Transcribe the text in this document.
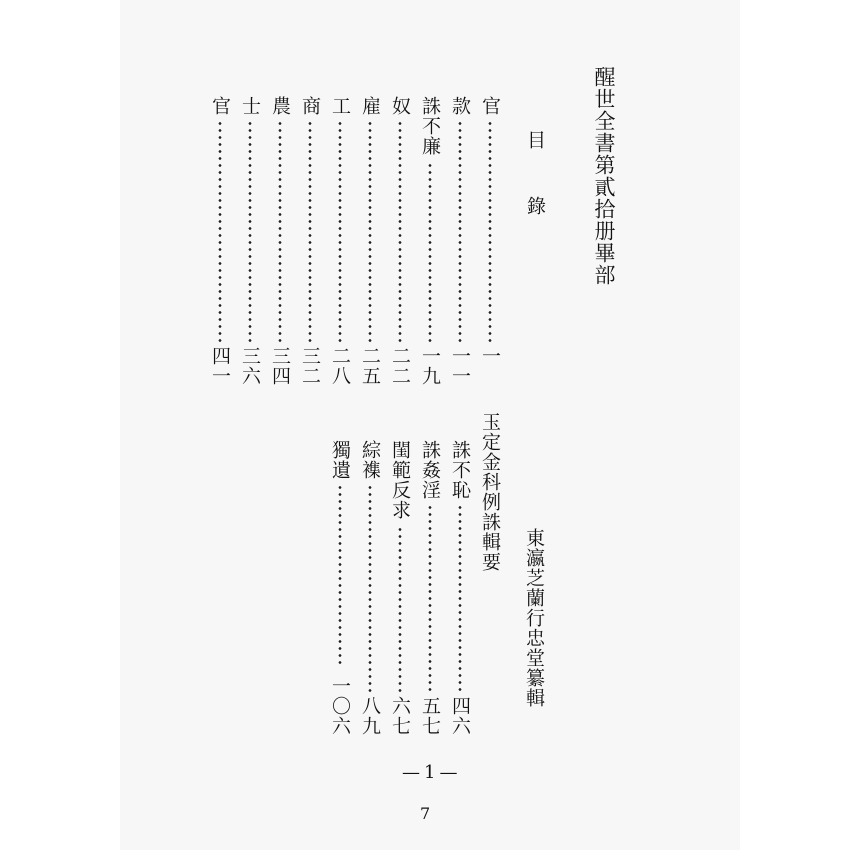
醒世全書第貳拾册畢部
目　錄
東瀛芝蘭行忠堂纂輯
官
一
款
一一
誅不廉
一九
奴
二二
雇
二五
工
二八
商
三二
農
三四
士
三六
官
四一
玉定金科例誅輯要
誅不恥
四六
誅姦淫
五七
閨範反求
六七
綜襍
八九
獨遺
一〇六
—1—
7
